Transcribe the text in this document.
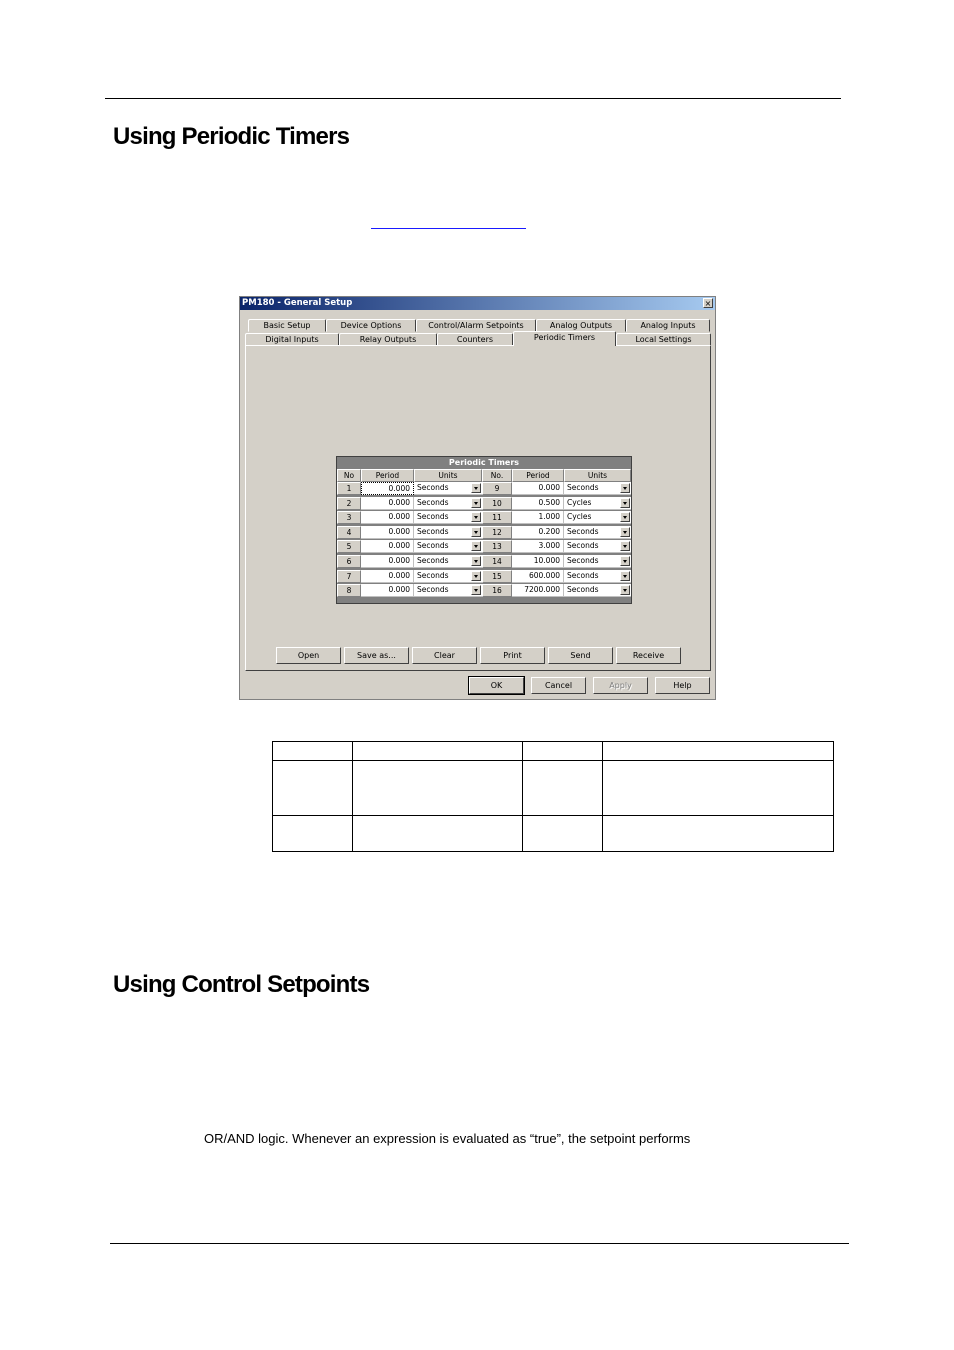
Using Periodic Timers
PM180 - General Setup	×
Basic Setup	Device Options	Control/Alarm Setpoints	Analog Outputs	Analog Inputs
Digital Inputs	Relay Outputs	Counters	Periodic Timers	Local Settings
Periodic Timers
No	Period	Units	No.	Period	Units
1	0.000 Seconds	9	0.000 Seconds
2	0.000 Seconds	10	0.500 Cycles
3	0.000 Seconds	11	1.000 Cycles
4	0.000 Seconds	12	0.200 Seconds
5	0.000 Seconds	13	3.000 Seconds
6	0.000 Seconds	14	10.000 Seconds
7	0.000 Seconds	15	600.000 Seconds
8	0.000 Seconds	16	7200.000 Seconds
Open	Save as...	Clear	Print	Send	Receive
OK	Cancel	Apply	Help

Using Control Setpoints
OR/AND logic. Whenever an expression is evaluated as “true”, the setpoint performs
